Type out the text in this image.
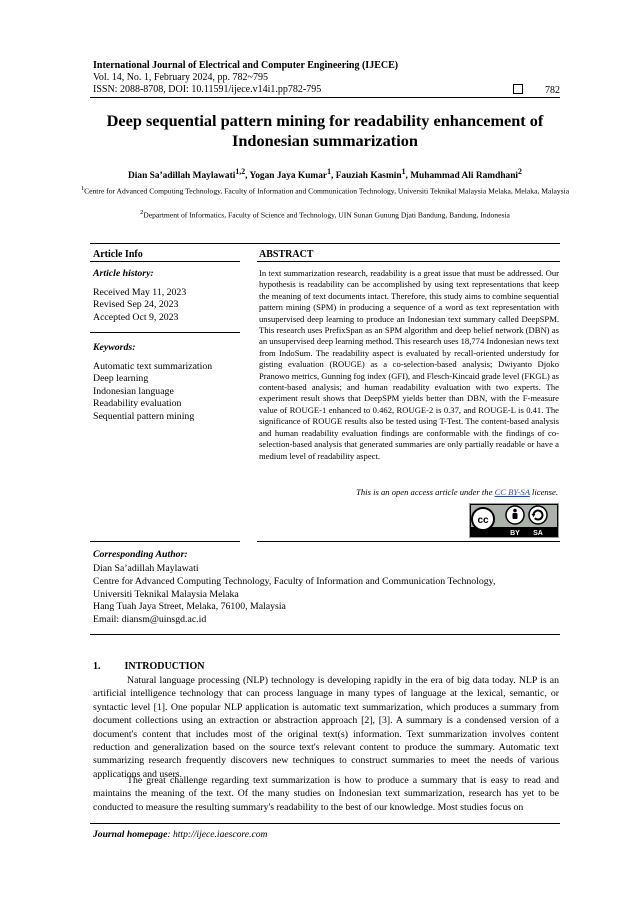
International Journal of Electrical and Computer Engineering (IJECE)
Vol. 14, No. 1, February 2024, pp. 782~795
ISSN: 2088-8708, DOI: 10.11591/ijece.v14i1.pp782-795	782
Deep sequential pattern mining for readability enhancement of Indonesian summarization
Dian Sa’adillah Maylawati$^{1,2}$, Yogan Jaya Kumar$^1$, Fauziah Kasmin$^1$, Muhammad Ali Ramdhani$^2$
$^1$Centre for Advanced Computing Technology, Faculty of Information and Communication Technology, Universiti Teknikal Malaysia Melaka, Melaka, Malaysia
$^2$Department of Informatics, Faculty of Science and Technology, UIN Sunan Gunung Djati Bandung, Bandung, Indonesia
Article Info	ABSTRACT
Article history:
Received May 11, 2023
Revised Sep 24, 2023
Accepted Oct 9, 2023
Keywords:
Automatic text summarization
Deep learning
Indonesian language
Readability evaluation
Sequential pattern mining
In text summarization research, readability is a great issue that must be addressed. Our hypothesis is readability can be accomplished by using text representations that keep the meaning of text documents intact. Therefore, this study aims to combine sequential pattern mining (SPM) in producing a sequence of a word as text representation with unsupervised deep learning to produce an Indonesian text summary called DeepSPM. This research uses PrefixSpan as an SPM algorithm and deep belief network (DBN) as an unsupervised deep learning method. This research uses 18,774 Indonesian news text from IndoSum. The readability aspect is evaluated by recall-oriented understudy for gisting evaluation (ROUGE) as a co-selection-based analysis; Dwiyanto Djoko Pranowo metrics, Gunning fog index (GFI), and Flesch-Kincaid grade level (FKGL) as content-based analysis; and human readability evaluation with two experts. The experiment result shows that DeepSPM yields better than DBN, with the F-measure value of ROUGE-1 enhanced to 0.462, ROUGE-2 is 0.37, and ROUGE-L is 0.41. The significance of ROUGE results also be tested using T-Test. The content-based analysis and human readability evaluation findings are conformable with the findings of co-selection-based analysis that generated summaries are only partially readable or have a medium level of readability aspect.
This is an open access article under the CC BY-SA license.
cc
BY SA
Corresponding Author:
Dian Sa’adillah Maylawati
Centre for Advanced Computing Technology, Faculty of Information and Communication Technology,
Universiti Teknikal Malaysia Melaka
Hang Tuah Jaya Street, Melaka, 76100, Malaysia
Email: diansm@uinsgd.ac.id
1. INTRODUCTION
Natural language processing (NLP) technology is developing rapidly in the era of big data today. NLP is an artificial intelligence technology that can process language in many types of language at the lexical, semantic, or syntactic level [1]. One popular NLP application is automatic text summarization, which produces a summary from document collections using an extraction or abstraction approach [2], [3]. A summary is a condensed version of a document's content that includes most of the original text(s) information. Text summarization involves content reduction and generalization based on the source text's relevant content to produce the summary. Automatic text summarizing research frequently discovers new techniques to construct summaries to meet the needs of various applications and users.
The great challenge regarding text summarization is how to produce a summary that is easy to read and maintains the meaning of the text. Of the many studies on Indonesian text summarization, research has yet to be conducted to measure the resulting summary's readability to the best of our knowledge. Most studies focus on
Journal homepage: http://ijece.iaescore.com
